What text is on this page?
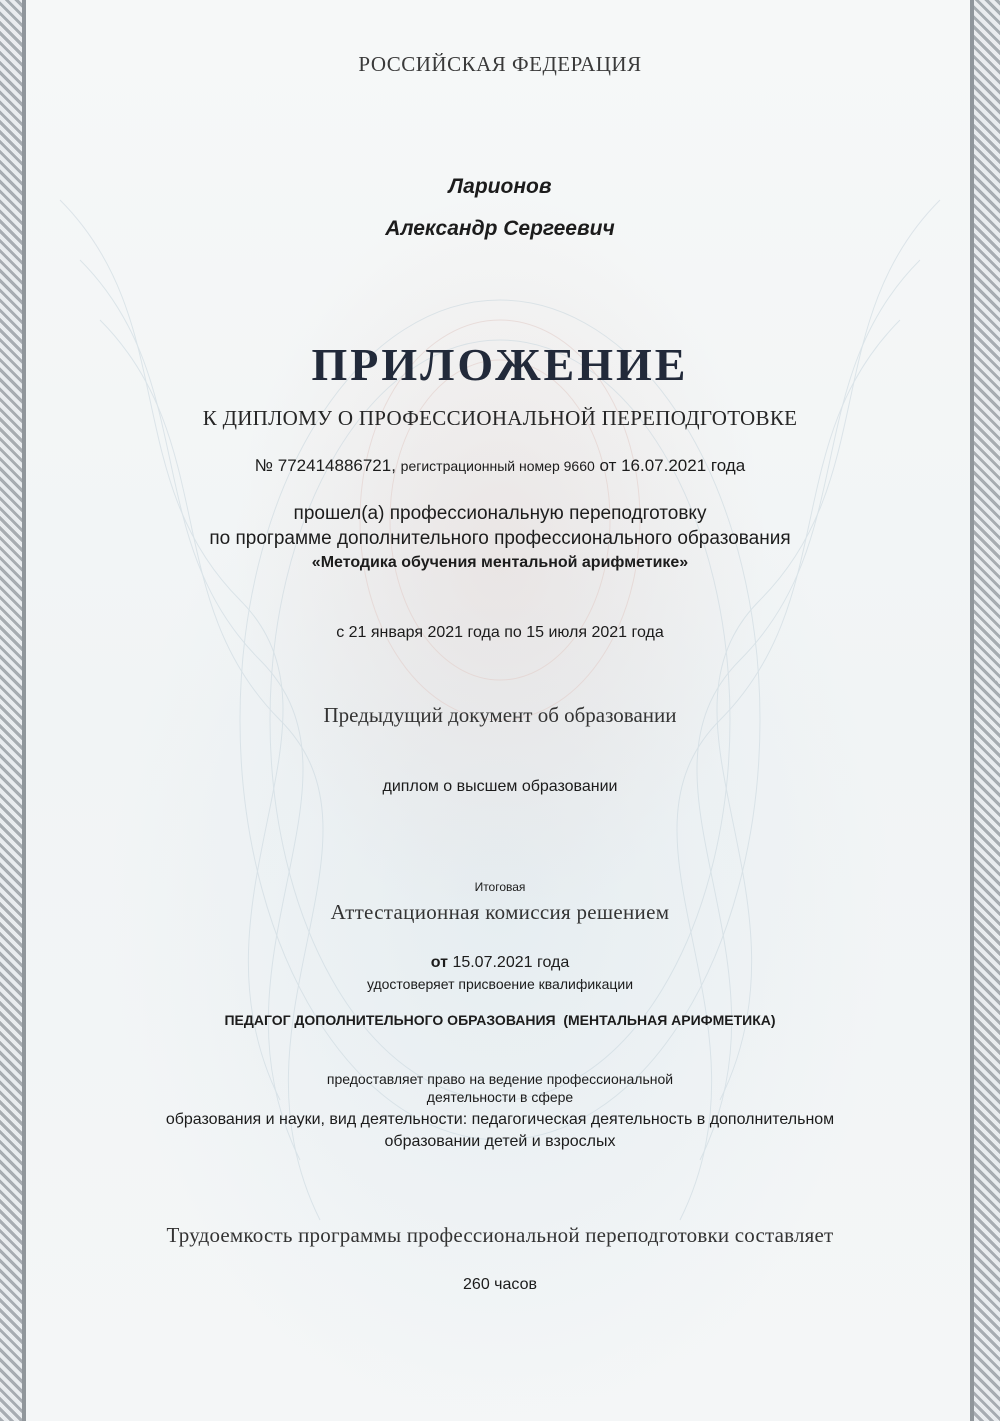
РОССИЙСКАЯ ФЕДЕРАЦИЯ
Ларионов
Александр Сергеевич
ПРИЛОЖЕНИЕ
К ДИПЛОМУ О ПРОФЕССИОНАЛЬНОЙ ПЕРЕПОДГОТОВКЕ
№ 772414886721, регистрационный номер 9660 от 16.07.2021 года
прошел(а) профессиональную переподготовку
по программе дополнительного профессионального образования
«Методика обучения ментальной арифметике»
с 21 января 2021 года по 15 июля 2021 года
Предыдущий документ об образовании
диплом о высшем образовании
Итоговая
Аттестационная комиссия решением
от 15.07.2021 года
удостоверяет присвоение квалификации
ПЕДАГОГ ДОПОЛНИТЕЛЬНОГО ОБРАЗОВАНИЯ  (МЕНТАЛЬНАЯ АРИФМЕТИКА)
предоставляет право на ведение профессиональной
деятельности в сфере
образования и науки, вид деятельности: педагогическая деятельность в дополнительном
образовании детей и взрослых
Трудоемкость программы профессиональной переподготовки составляет
260 часов
